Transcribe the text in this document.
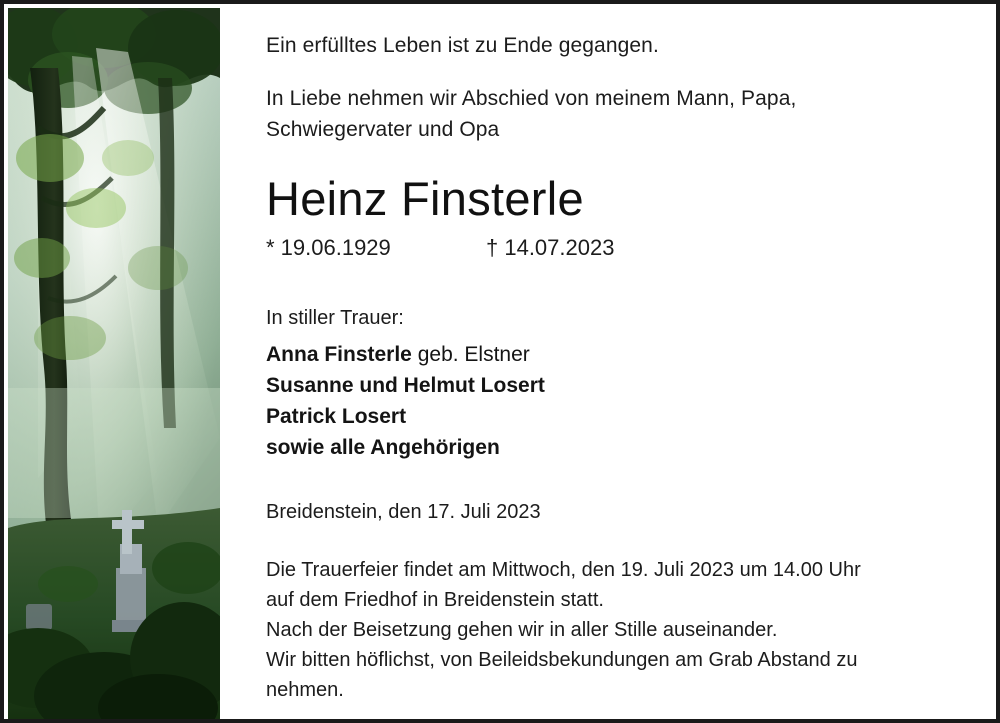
Ein erfülltes Leben ist zu Ende gegangen.

In Liebe nehmen wir Abschied von meinem Mann, Papa,
Schwiegervater und Opa

Heinz Finsterle
* 19.06.1929	† 14.07.2023

In stiller Trauer:

Anna Finsterle geb. Elstner
Susanne und Helmut Losert
Patrick Losert
sowie alle Angehörigen

Breidenstein, den 17. Juli 2023

Die Trauerfeier findet am Mittwoch, den 19. Juli 2023 um 14.00 Uhr
auf dem Friedhof in Breidenstein statt.
Nach der Beisetzung gehen wir in aller Stille auseinander.
Wir bitten höflichst, von Beileidsbekundungen am Grab Abstand zu
nehmen.
